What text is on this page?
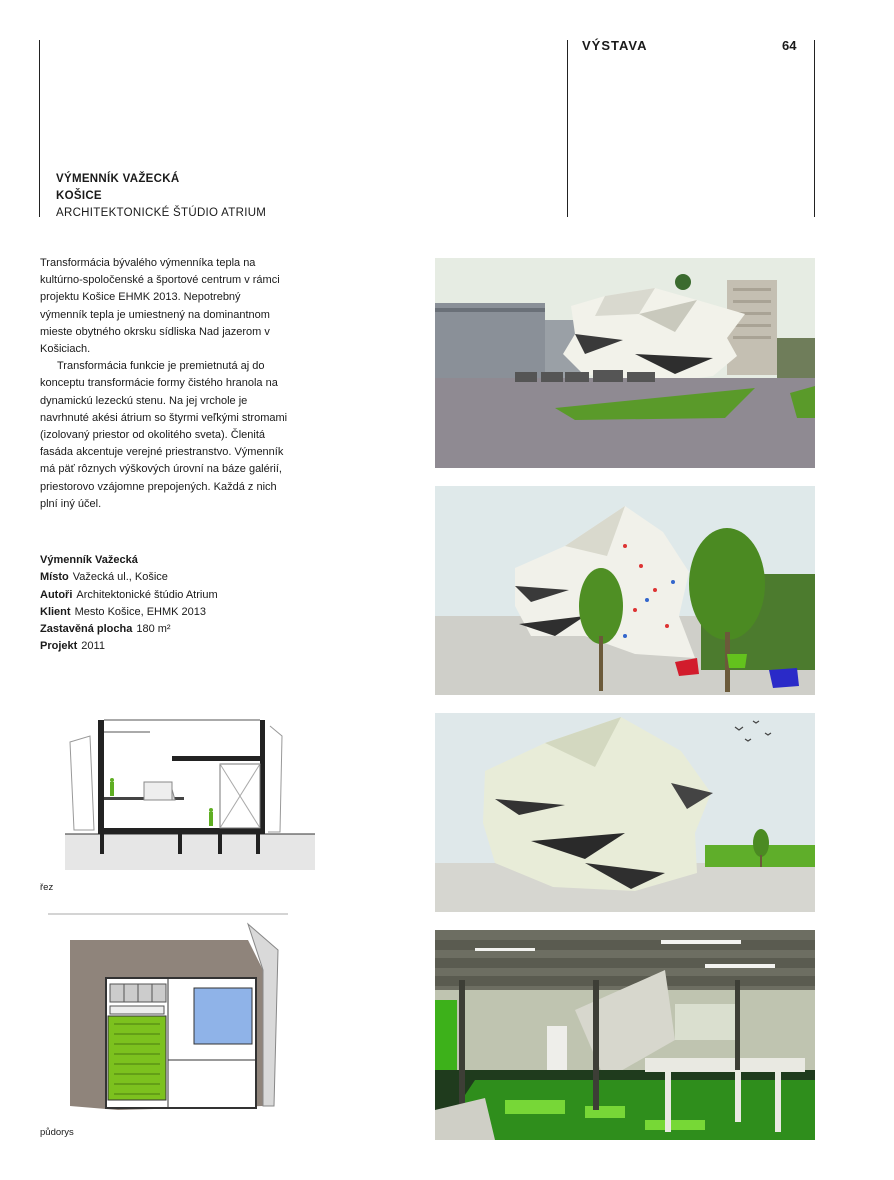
VÝSTAVA	64
VÝMENNÍK VAŽECKÁ
KOŠICE
ARCHITEKTONICKÉ ŠTÚDIO ATRIUM

Transformácia bývalého výmenníka tepla na kultúrno-spoločenské a športové centrum v rámci projektu Košice EHMK 2013. Nepotrebný výmenník tepla je umiestnený na dominantnom mieste obytného okrsku sídliska Nad jazerom v Košiciach.

Transformácia funkcie je premietnutá aj do konceptu transformácie formy čistého hranola na dynamickú lezeckú stenu. Na jej vrchole je navrhnuté akési átrium so štyrmi veľkými stromami (izolovaný priestor od okolitého sveta). Členitá fasáda akcentuje verejné priestranstvo. Výmenník má päť rôznych výškových úrovní na báze galérií, priestorovo vzájomne prepojených. Každá z nich plní iný účel.

Výmenník Važecká
Místo Važecká ul., Košice
Autoři Architektonické štúdio Atrium
Klient Mesto Košice, EHMK 2013
Zastavěná plocha 180 m²
Projekt 2011
řez
půdorys
